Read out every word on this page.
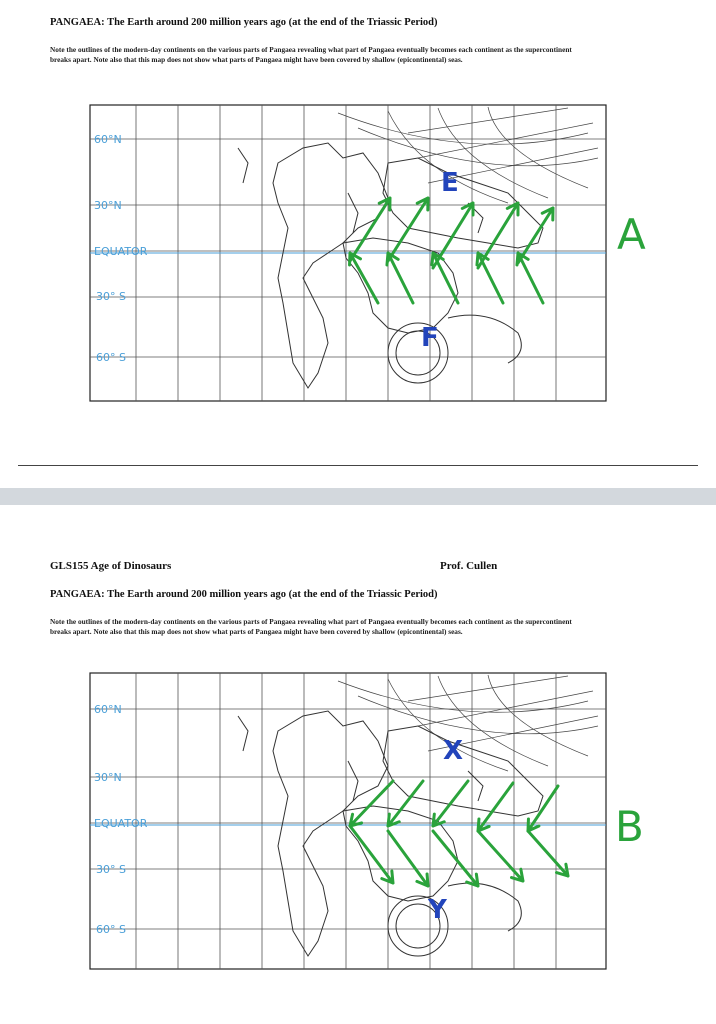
PANGAEA: The Earth around 200 million years ago (at the end of the Triassic Period)
Note the outlines of the modern-day continents on the various parts of Pangaea revealing what part of Pangaea eventually becomes each continent as the supercontinent breaks apart. Note also that this map does not show what parts of Pangaea might have been covered by shallow (epicontinental) seas.
60°N
30°N
EQUATOR
30° S
60° S
E
F
A
GLS155 Age of Dinosaurs	Prof. Cullen
PANGAEA: The Earth around 200 million years ago (at the end of the Triassic Period)
Note the outlines of the modern-day continents on the various parts of Pangaea revealing what part of Pangaea eventually becomes each continent as the supercontinent breaks apart. Note also that this map does not show what parts of Pangaea might have been covered by shallow (epicontinental) seas.
60°N
30°N
EQUATOR
30° S
60° S
X
Y
B
